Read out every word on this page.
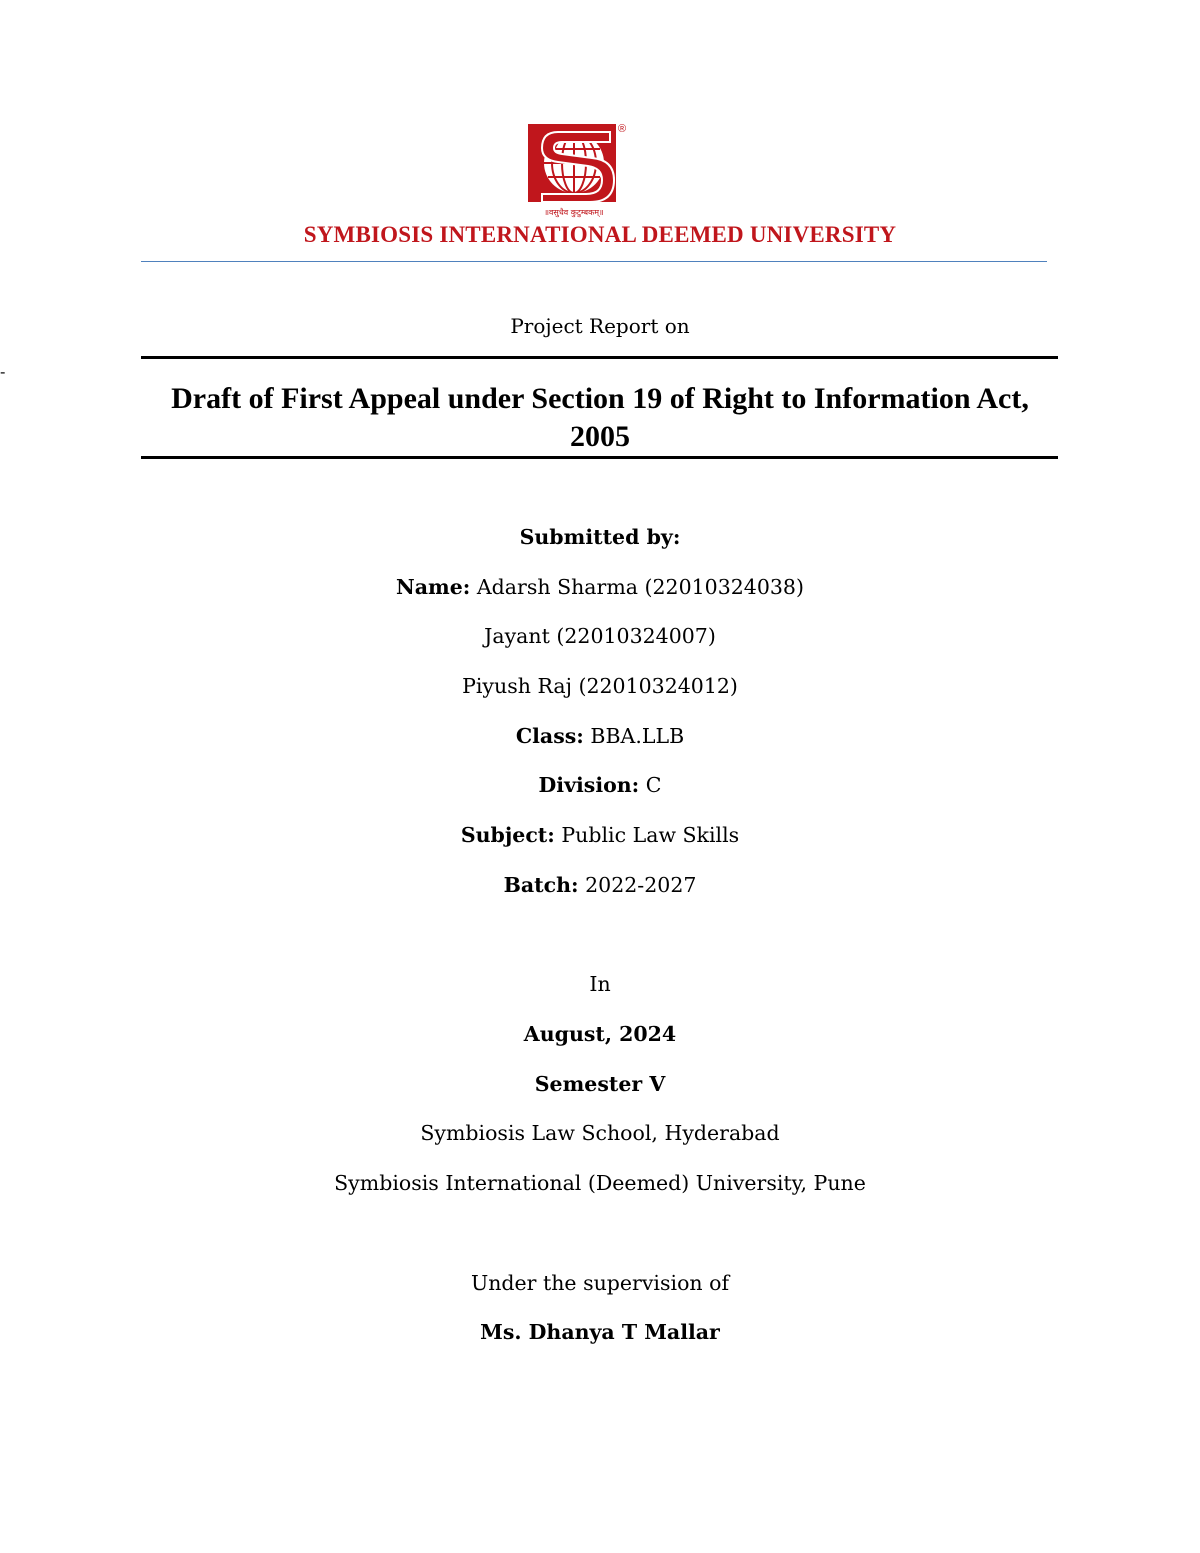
-
®
॥वसुधैव कुटुम्बकम्॥
SYMBIOSIS INTERNATIONAL DEEMED UNIVERSITY
Project Report on
Draft of First Appeal under Section 19 of Right to Information Act,
2005
Submitted by:
Name: Adarsh Sharma (22010324038)
Jayant (22010324007)
Piyush Raj (22010324012)
Class: BBA.LLB
Division: C
Subject: Public Law Skills
Batch: 2022-2027
In
August, 2024
Semester V
Symbiosis Law School, Hyderabad
Symbiosis International (Deemed) University, Pune
Under the supervision of
Ms. Dhanya T Mallar
